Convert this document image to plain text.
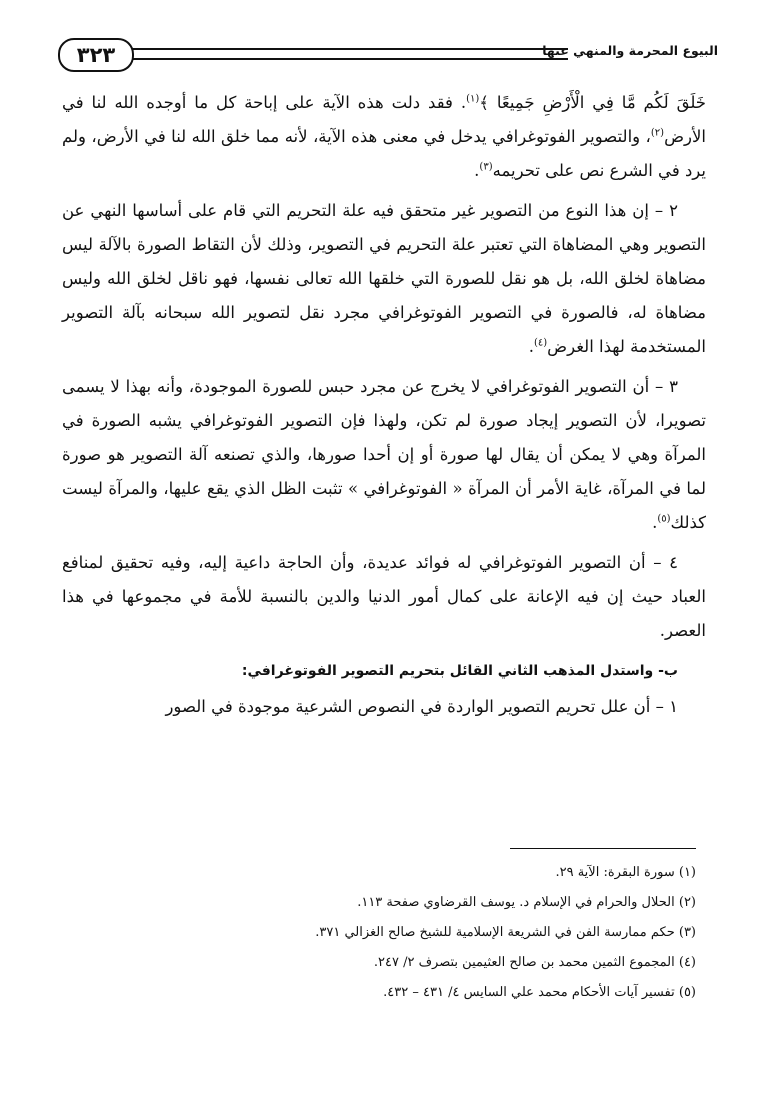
البيوع المحرمة والمنهي عنها
٣٢٣

خَلَقَ لَكُم مَّا فِي الْأَرْضِ جَمِيعًا ﴾$^{(١)}$. فقد دلت هذه الآية على إباحة كل ما أوجده الله لنا في الأرض$^{(٢)}$، والتصوير الفوتوغرافي يدخل في معنى هذه الآية، لأنه مما خلق الله لنا في الأرض، ولم يرد في الشرع نص على تحريمه$^{(٣)}$.

٢ – إن هذا النوع من التصوير غير متحقق فيه علة التحريم التي قام على أساسها النهي عن التصوير وهي المضاهاة التي تعتبر علة التحريم في التصوير، وذلك لأن التقاط الصورة بالآلة ليس مضاهاة لخلق الله، بل هو نقل للصورة التي خلقها الله تعالى نفسها، فهو ناقل لخلق الله وليس مضاهاة له، فالصورة في التصوير الفوتوغرافي مجرد نقل لتصوير الله سبحانه بآلة التصوير المستخدمة لهذا الغرض$^{(٤)}$.

٣ – أن التصوير الفوتوغرافي لا يخرج عن مجرد حبس للصورة الموجودة، وأنه بهذا لا يسمى تصويرا، لأن التصوير إيجاد صورة لم تكن، ولهذا فإن التصوير الفوتوغرافي يشبه الصورة في المرآة وهي لا يمكن أن يقال لها صورة أو إن أحدا صورها، والذي تصنعه آلة التصوير هو صورة لما في المرآة، غاية الأمر أن المرآة « الفوتوغرافي » تثبت الظل الذي يقع عليها، والمرآة ليست كذلك$^{(٥)}$.

٤ – أن التصوير الفوتوغرافي له فوائد عديدة، وأن الحاجة داعية إليه، وفيه تحقيق لمنافع العباد حيث إن فيه الإعانة على كمال أمور الدنيا والدين بالنسبة للأمة في مجموعها في هذا العصر.

ب- واستدل المذهب الثاني القائل بتحريم التصوير الفوتوغرافي:

١ – أن علل تحريم التصوير الواردة في النصوص الشرعية موجودة في الصور

(١) سورة البقرة: الآية ٢٩.
(٢) الحلال والحرام في الإسلام د. يوسف القرضاوي صفحة ١١٣.
(٣) حكم ممارسة الفن في الشريعة الإسلامية للشيخ صالح الغزالي ٣٧١.
(٤) المجموع الثمين محمد بن صالح العثيمين بتصرف ٢/ ٢٤٧.
(٥) تفسير آيات الأحكام محمد علي السايس ٤/ ٤٣١ – ٤٣٢.
